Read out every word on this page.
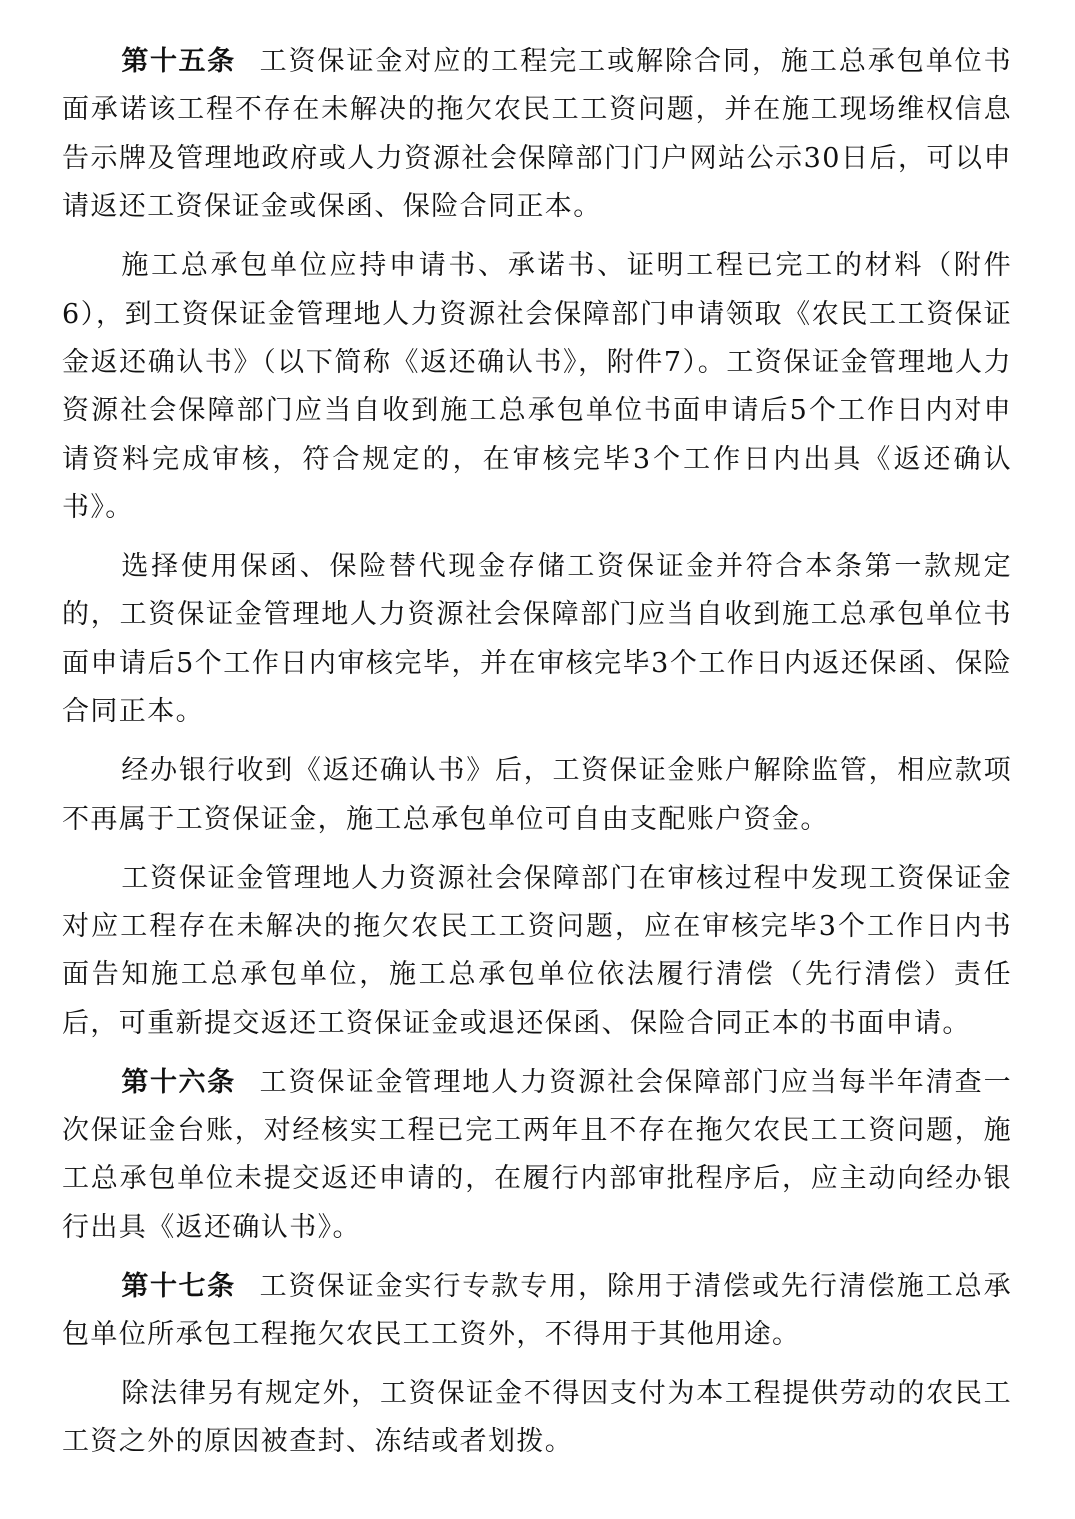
第十五条 工资保证金对应的工程完工或解除合同，施工总承包单位书面承诺该工程不存在未解决的拖欠农民工工资问题，并在施工现场维权信息告示牌及管理地政府或人力资源社会保障部门门户网站公示30日后，可以申请返还工资保证金或保函、保险合同正本。

施工总承包单位应持申请书、承诺书、证明工程已完工的材料（附件6），到工资保证金管理地人力资源社会保障部门申请领取《农民工工资保证金返还确认书》（以下简称《返还确认书》，附件7）。工资保证金管理地人力资源社会保障部门应当自收到施工总承包单位书面申请后5个工作日内对申请资料完成审核，符合规定的，在审核完毕3个工作日内出具《返还确认书》。

选择使用保函、保险替代现金存储工资保证金并符合本条第一款规定的，工资保证金管理地人力资源社会保障部门应当自收到施工总承包单位书面申请后5个工作日内审核完毕，并在审核完毕3个工作日内返还保函、保险合同正本。

经办银行收到《返还确认书》后，工资保证金账户解除监管，相应款项不再属于工资保证金，施工总承包单位可自由支配账户资金。

工资保证金管理地人力资源社会保障部门在审核过程中发现工资保证金对应工程存在未解决的拖欠农民工工资问题，应在审核完毕3个工作日内书面告知施工总承包单位，施工总承包单位依法履行清偿（先行清偿）责任后，可重新提交返还工资保证金或退还保函、保险合同正本的书面申请。

第十六条 工资保证金管理地人力资源社会保障部门应当每半年清查一次保证金台账，对经核实工程已完工两年且不存在拖欠农民工工资问题，施工总承包单位未提交返还申请的，在履行内部审批程序后，应主动向经办银行出具《返还确认书》。

第十七条 工资保证金实行专款专用，除用于清偿或先行清偿施工总承包单位所承包工程拖欠农民工工资外，不得用于其他用途。

除法律另有规定外，工资保证金不得因支付为本工程提供劳动的农民工工资之外的原因被查封、冻结或者划拨。
